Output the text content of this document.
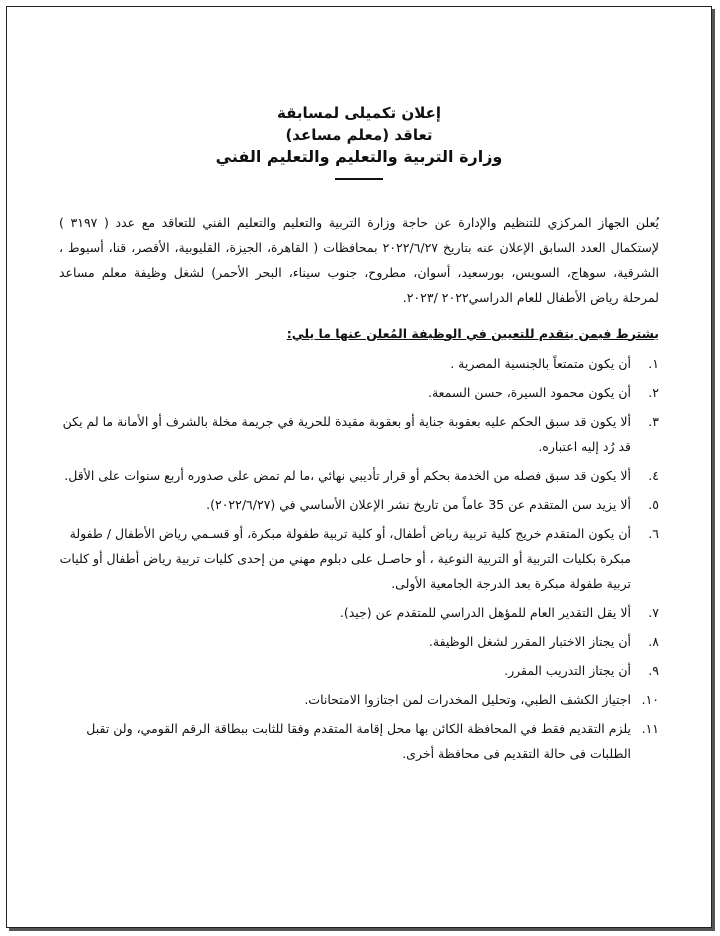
إعلان تكميلى لمسابقة
تعاقد (معلم مساعد)
وزارة التربية والتعليم والتعليم الفني

يُعلن الجهاز المركزي للتنظيم والإدارة عن حاجة وزارة التربية والتعليم والتعليم الفني للتعاقد مع عدد ( ٣١٩٧ ) لإستكمال العدد السابق الإعلان عنه بتاريخ ٢٠٢٢/٦/٢٧ بمحافظات ( القاهرة، الجيزة، القليوبية، الأقصر، قنا، أسيوط ، الشرقية، سوهاج، السويس، بورسعيد، أسوان، مطروح، جنوب سيناء، البحر الأحمر) لشغل وظيفة معلم مساعد لمرحلة رياض الأطفال للعام الدراسي٢٠٢٢ /٢٠٢٣.

يشترط فيمن يتقدم للتعيين في الوظيفة المُعلن عنها ما يلي:
١.
أن يكون متمتعاً بالجنسية المصرية .
٢.
أن يكون محمود السيرة، حسن السمعة.
٣.
ألا يكون قد سبق الحكم عليه بعقوبة جناية أو بعقوبة مقيدة للحرية في جريمة مخلة بالشرف أو الأمانة ما لم يكن قد رُد إليه اعتباره.
٤.
ألا يكون قد سبق فصله من الخدمة بحكم أو قرار تأديبي نهائي ،ما لم تمض على صدوره أربع سنوات على الأقل.
٥.
ألا يزيد سن المتقدم عن 35 عاماً من تاريخ نشر الإعلان الأساسي في (٢٠٢٢/٦/٢٧).
٦.
أن يكون المتقدم خريج كلية تربية رياض أطفال، أو كلية تربية طفولة مبكرة، أو قسـمي رياض الأطفال / طفولة مبكرة بكليات التربية أو التربية النوعية ، أو حاصـل على دبلوم مهني من إحدى كليات تربية رياض أطفال أو كليات تربية طفولة مبكرة بعد الدرجة الجامعية الأولى.
٧.
ألا يقل التقدير العام للمؤهل الدراسي للمتقدم عن (جيد).
٨.
أن يجتاز الاختبار المقرر لشغل الوظيفة.
٩.
أن يجتاز التدريب المقرر.
١٠.
اجتياز الكشف الطبي، وتحليل المخدرات لمن اجتازوا الامتحانات.
١١.
يلزم التقديم فقط في المحافظة الكائن بها محل إقامة المتقدم وفقا للثابت ببطاقة الرقم القومي، ولن تقبل الطلبات فى حالة التقديم فى محافظة أخرى.
